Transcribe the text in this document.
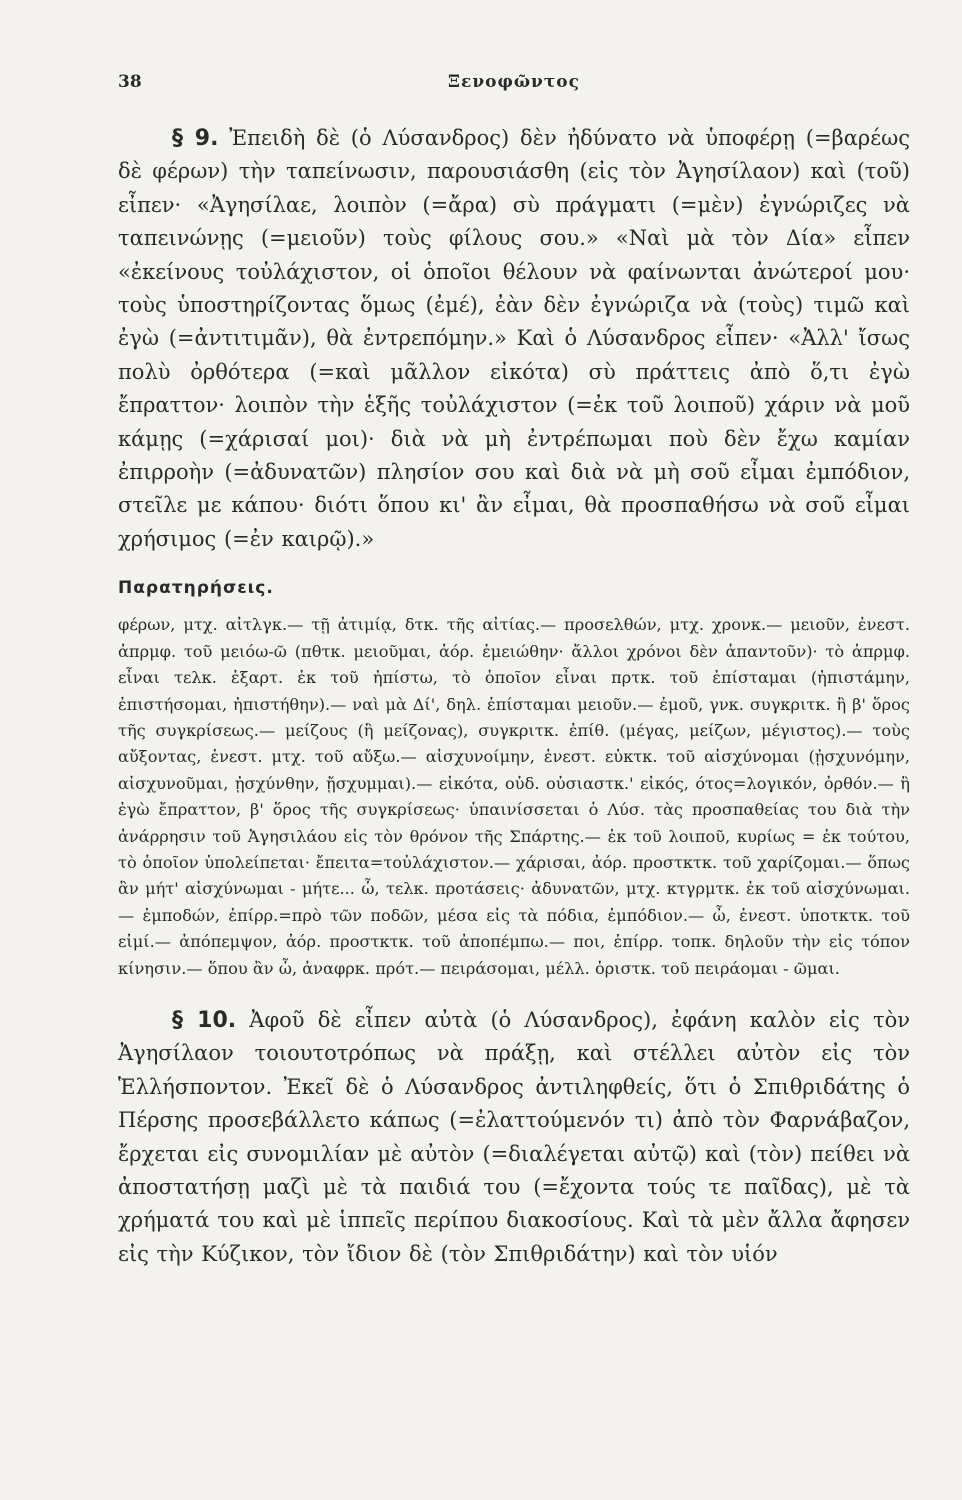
38	Ξενοφῶντος

§ 9. Ἐπειδὴ δὲ (ὁ Λύσανδρος) δὲν ἠδύνατο νὰ ὑποφέρῃ (=βαρέως δὲ φέρων) τὴν ταπείνωσιν, παρουσιάσθη (εἰς τὸν Ἀγησίλαον) καὶ (τοῦ) εἶπεν· «Ἀγησίλαε, λοιπὸν (=ἄρα) σὺ πράγματι (=μὲν) ἐγνώριζες νὰ ταπεινώνῃς (=μειοῦν) τοὺς φίλους σου.» «Ναὶ μὰ τὸν Δία» εἶπεν «ἐκείνους τοὐλάχιστον, οἱ ὁποῖοι θέλουν νὰ φαίνωνται ἀνώτεροί μου· τοὺς ὑποστηρίζοντας ὅμως (ἐμέ), ἐὰν δὲν ἐγνώριζα νὰ (τοὺς) τιμῶ καὶ ἐγὼ (=ἀντιτιμᾶν), θὰ ἐντρεπόμην.» Καὶ ὁ Λύσανδρος εἶπεν· «Ἀλλ' ἴσως πολὺ ὀρθότερα (=καὶ μᾶλλον εἰκότα) σὺ πράττεις ἀπὸ ὅ,τι ἐγὼ ἔπραττον· λοιπὸν τὴν ἑξῆς τοὐλάχιστον (=ἐκ τοῦ λοιποῦ) χάριν νὰ μοῦ κάμῃς (=χάρισαί μοι)· διὰ νὰ μὴ ἐντρέπωμαι ποὺ δὲν ἔχω καμίαν ἐπιρροὴν (=ἀδυνατῶν) πλησίον σου καὶ διὰ νὰ μὴ σοῦ εἶμαι ἐμπόδιον, στεῖλε με κάπου· διότι ὅπου κι' ἂν εἶμαι, θὰ προσπαθήσω νὰ σοῦ εἶμαι χρήσιμος (=ἐν καιρῷ).»

Παρατηρήσεις.

φέρων, μτχ. αἰτλγκ.— τῇ ἀτιμίᾳ, δτκ. τῆς αἰτίας.— προσελθών, μτχ. χρονκ.— μειοῦν, ἐνεστ. ἀπρμφ. τοῦ μειόω-ῶ (πθτκ. μειοῦμαι, ἀόρ. ἐμειώθην· ἄλλοι χρόνοι δὲν ἀπαντοῦν)· τὸ ἀπρμφ. εἶναι τελκ. ἐξαρτ. ἐκ τοῦ ἠπίστω, τὸ ὁποῖον εἶναι πρτκ. τοῦ ἐπίσταμαι (ἠπιστάμην, ἐπιστήσομαι, ἠπιστήθην).— ναὶ μὰ Δί', δηλ. ἐπίσταμαι μειοῦν.— ἐμοῦ, γνκ. συγκριτκ. ἢ β' ὅρος τῆς συγκρίσεως.— μείζους (ἢ μείζονας), συγκριτκ. ἐπίθ. (μέγας, μείζων, μέγιστος).— τοὺς αὔξοντας, ἐνεστ. μτχ. τοῦ αὔξω.— αἰσχυνοίμην, ἐνεστ. εὐκτκ. τοῦ αἰσχύνομαι (ᾐσχυνόμην, αἰσχυνοῦμαι, ᾐσχύνθην, ᾔσχυμμαι).— εἰκότα, οὐδ. οὐσιαστκ.' εἰκός, ότος=λογικόν, ὀρθόν.— ἢ ἐγὼ ἔπραττον, β' ὅρος τῆς συγκρίσεως· ὑπαινίσσεται ὁ Λύσ. τὰς προσπαθείας του διὰ τὴν ἀνάρρησιν τοῦ Ἀγησιλάου εἰς τὸν θρόνον τῆς Σπάρτης.— ἐκ τοῦ λοιποῦ, κυρίως = ἐκ τούτου, τὸ ὁποῖον ὑπολείπεται· ἔπειτα=τοὐλάχιστον.— χάρισαι, ἀόρ. προστκτκ. τοῦ χαρίζομαι.— ὅπως ἂν μήτ' αἰσχύνωμαι - μήτε... ὦ, τελκ. προτάσεις· ἀδυνατῶν, μτχ. κτγρμτκ. ἐκ τοῦ αἰσχύνωμαι.— ἐμποδών, ἐπίρρ.=πρὸ τῶν ποδῶν, μέσα εἰς τὰ πόδια, ἐμπόδιον.— ὦ, ἐνεστ. ὑποτκτκ. τοῦ εἰμί.— ἀπόπεμψον, ἀόρ. προστκτκ. τοῦ ἀποπέμπω.— ποι, ἐπίρρ. τοπκ. δηλοῦν τὴν εἰς τόπον κίνησιν.— ὅπου ἂν ὦ, ἀναφρκ. πρότ.— πειράσομαι, μέλλ. ὁριστκ. τοῦ πειράομαι - ῶμαι.

§ 10. Ἀφοῦ δὲ εἶπεν αὐτὰ (ὁ Λύσανδρος), ἐφάνη καλὸν εἰς τὸν Ἀγησίλαον τοιουτοτρόπως νὰ πράξῃ, καὶ στέλλει αὐτὸν εἰς τὸν Ἑλλήσποντον. Ἐκεῖ δὲ ὁ Λύσανδρος ἀντιληφθείς, ὅτι ὁ Σπιθριδάτης ὁ Πέρσης προσεβάλλετο κάπως (=ἐλαττούμενόν τι) ἀπὸ τὸν Φαρνάβαζον, ἔρχεται εἰς συνομιλίαν μὲ αὐτὸν (=διαλέγεται αὐτῷ) καὶ (τὸν) πείθει νὰ ἀποστατήσῃ μαζὶ μὲ τὰ παιδιά του (=ἔχοντα τούς τε παῖδας), μὲ τὰ χρήματά του καὶ μὲ ἱππεῖς περίπου διακοσίους. Καὶ τὰ μὲν ἄλλα ἄφησεν εἰς τὴν Κύζικον, τὸν ἴδιον δὲ (τὸν Σπιθριδάτην) καὶ τὸν υἱόν
